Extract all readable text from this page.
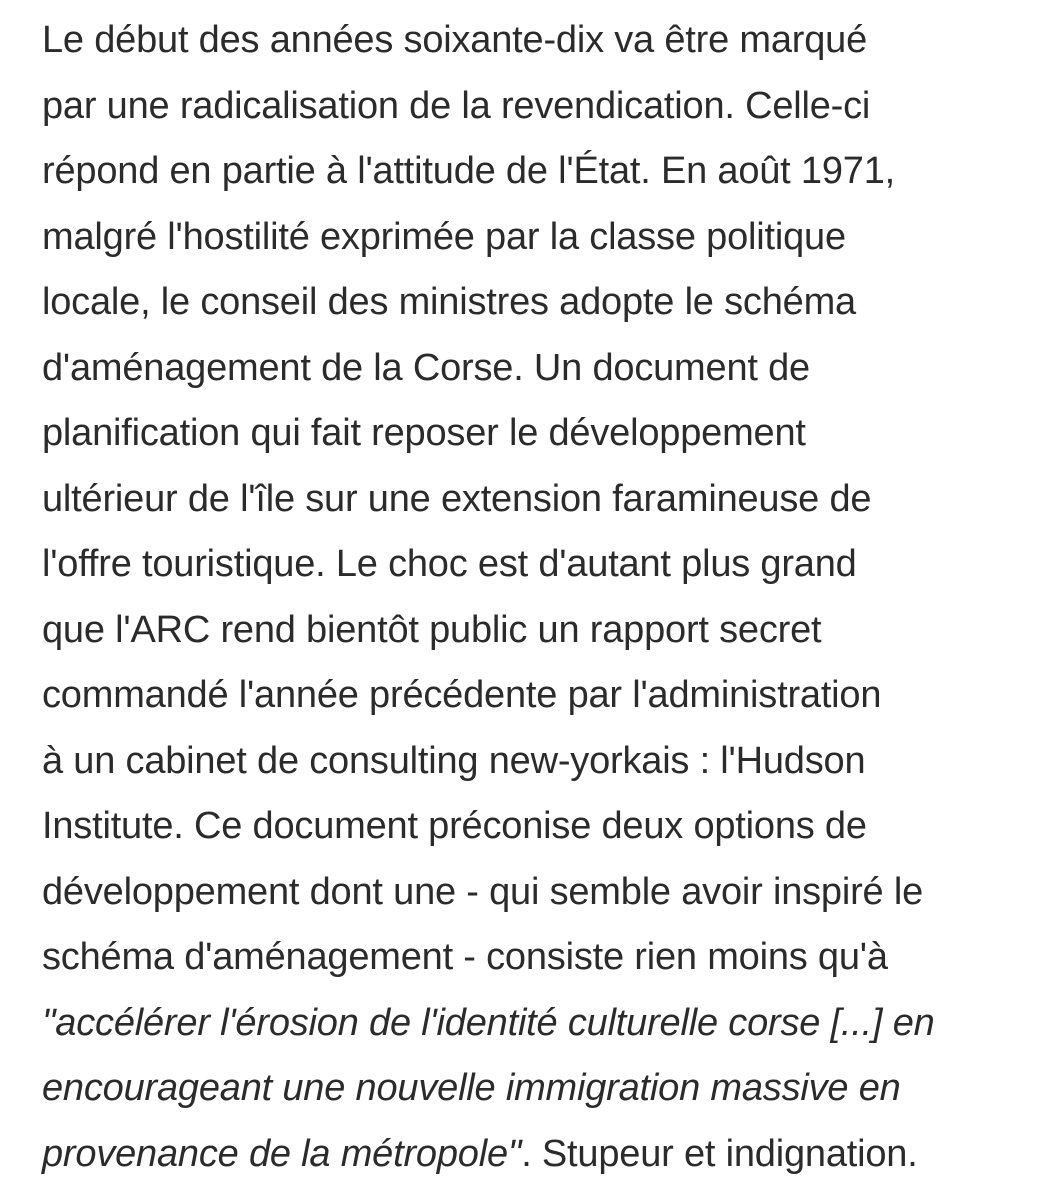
Le début des années soixante-dix va être marqué
par une radicalisation de la revendication. Celle-ci
répond en partie à l'attitude de l'État. En août 1971,
malgré l'hostilité exprimée par la classe politique
locale, le conseil des ministres adopte le schéma
d'aménagement de la Corse. Un document de
planification qui fait reposer le développement
ultérieur de l'île sur une extension faramineuse de
l'offre touristique. Le choc est d'autant plus grand
que l'ARC rend bientôt public un rapport secret
commandé l'année précédente par l'administration
à un cabinet de consulting new-yorkais : l'Hudson
Institute. Ce document préconise deux options de
développement dont une - qui semble avoir inspiré le
schéma d'aménagement - consiste rien moins qu'à
"accélérer l'érosion de l'identité culturelle corse [...] en
encourageant une nouvelle immigration massive en
provenance de la métropole". Stupeur et indignation.
